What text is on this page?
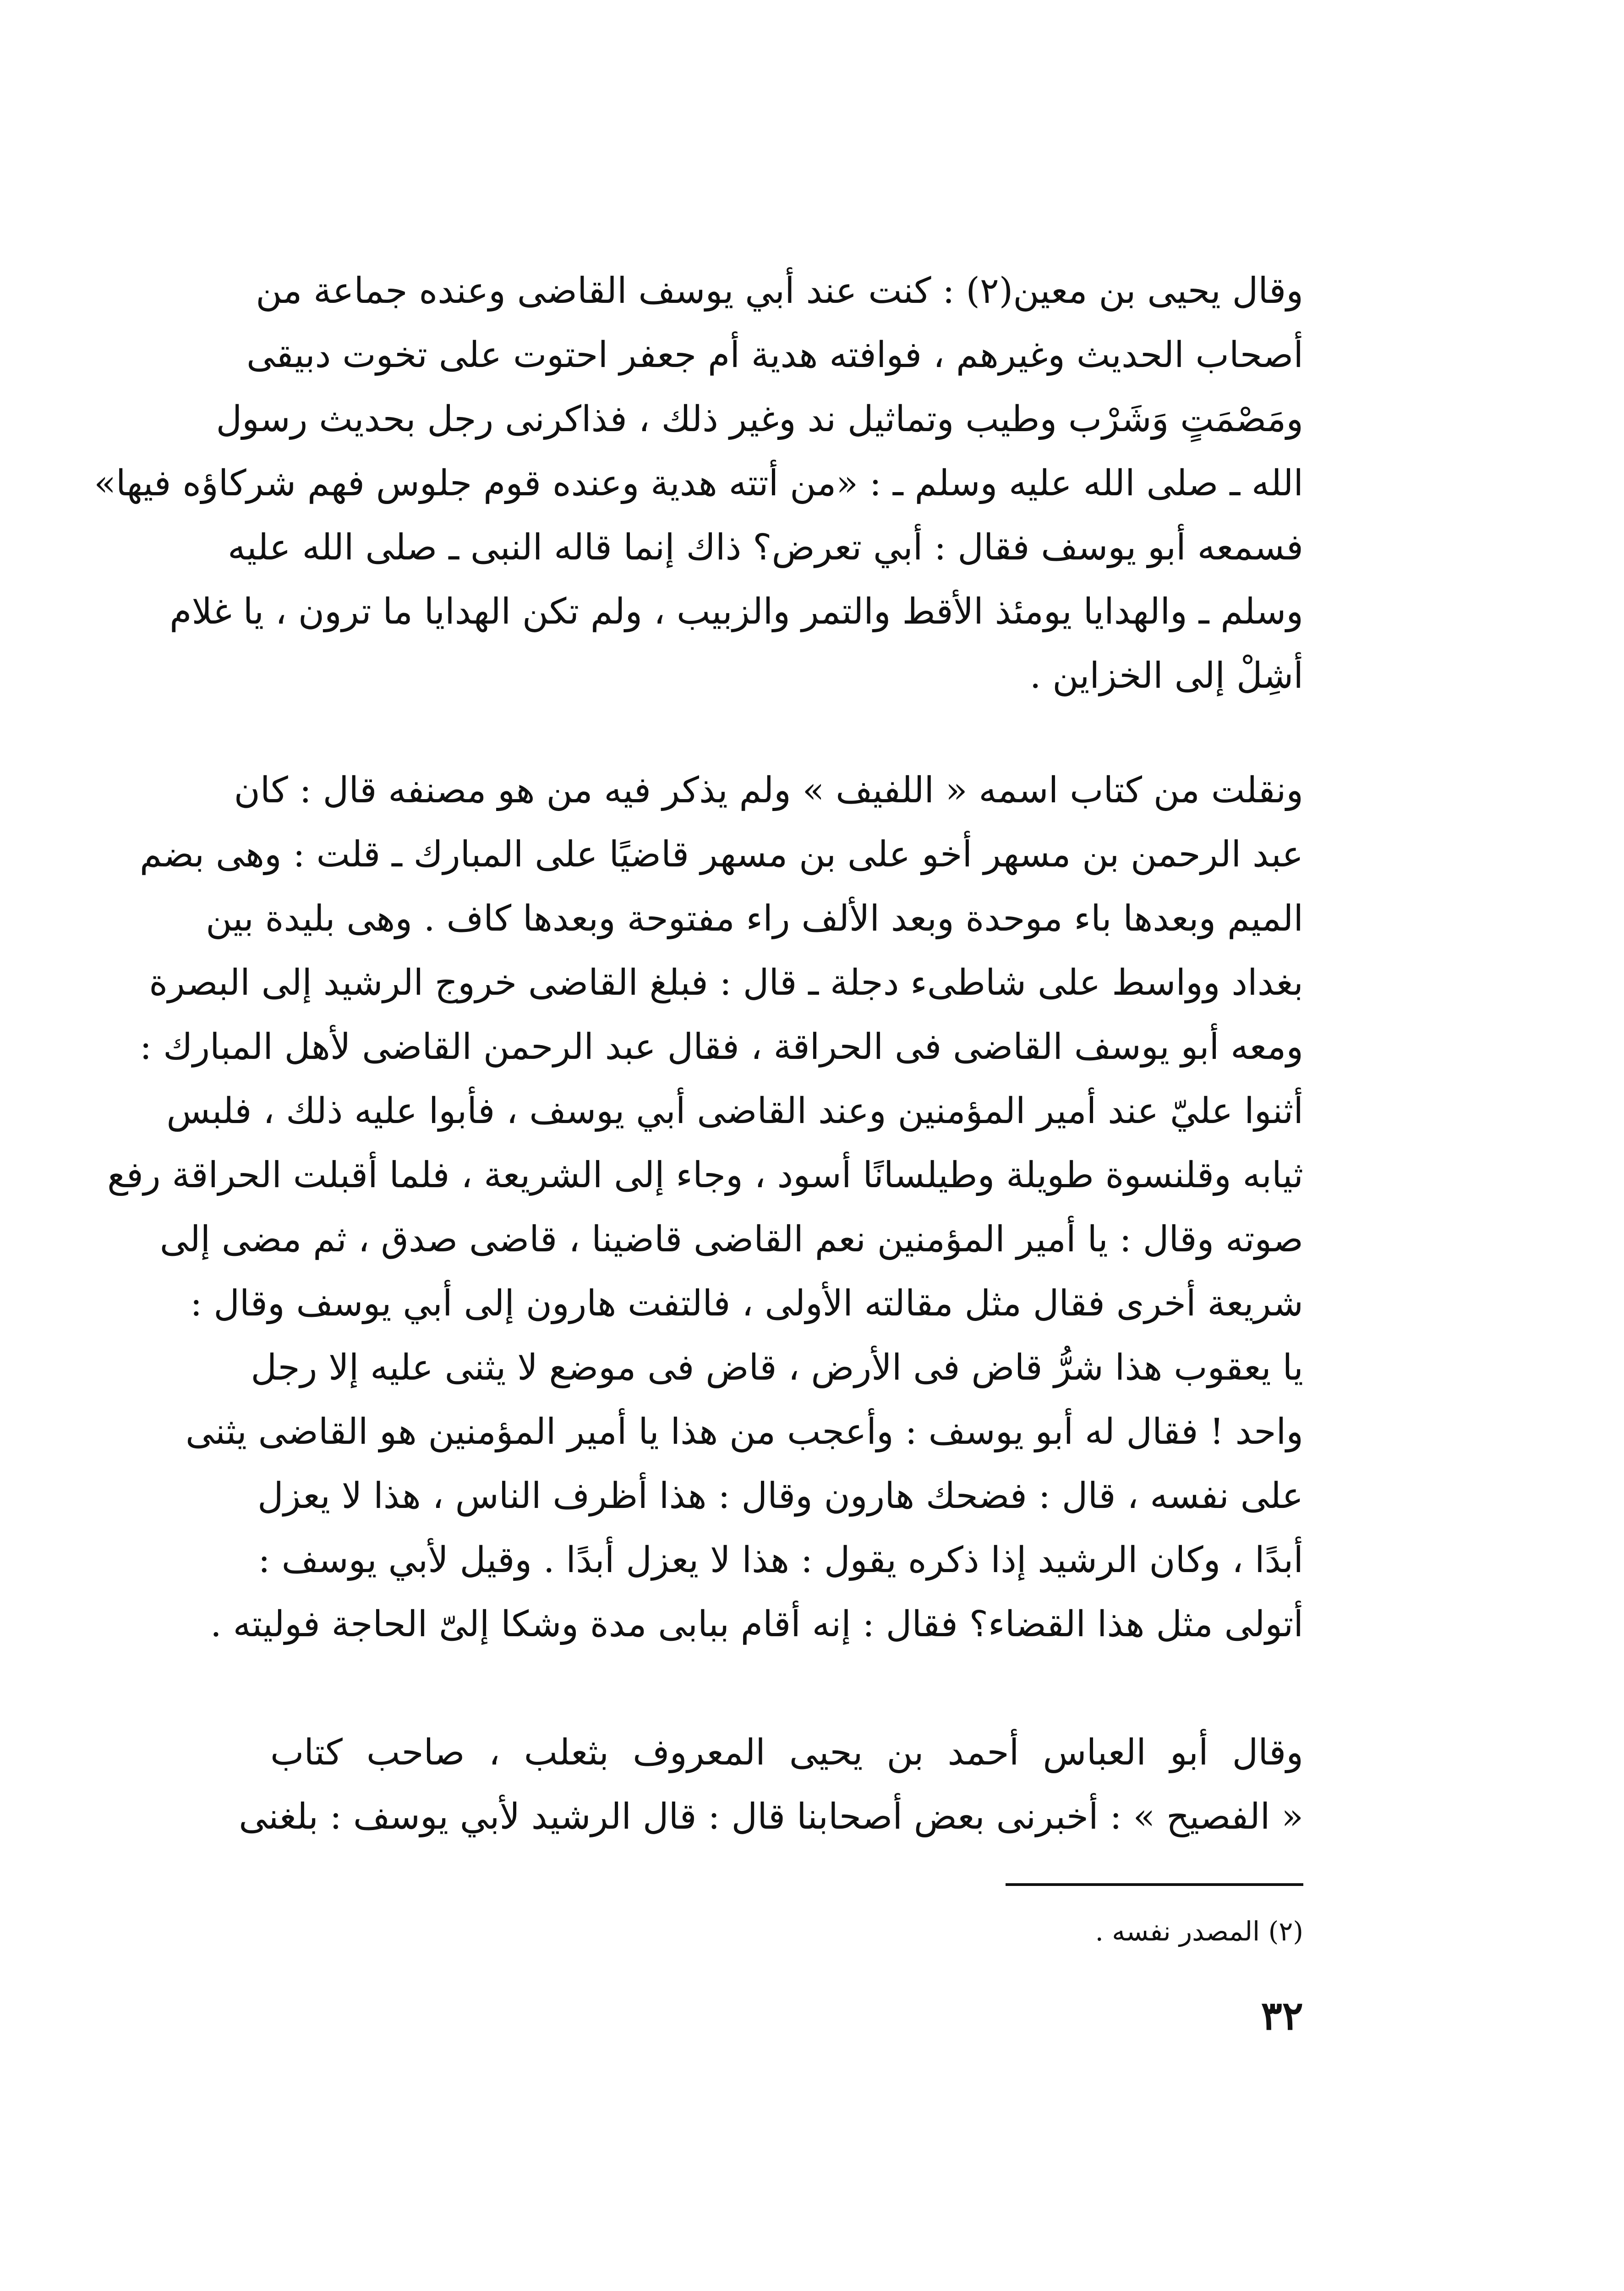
وقال يحيى بن معين(٢) : كنت عند أبي يوسف القاضى وعنده جماعة من
أصحاب الحديث وغيرهم ، فوافته هدية أم جعفر احتوت على تخوت دبيقى
ومَصْمَتٍ وَشَرْب وطيب وتماثيل ند وغير ذلك ، فذاكرنى رجل بحديث رسول
الله ـ صلى الله عليه وسلم ـ : «من أتته هدية وعنده قوم جلوس فهم شركاؤه فيها»
فسمعه أبو يوسف فقال : أبي تعرض؟ ذاك إنما قاله النبى ـ صلى الله عليه
وسلم ـ والهدايا يومئذ الأقط والتمر والزبيب ، ولم تكن الهدايا ما ترون ، يا غلام
أشِلْ إلى الخزاين .
ونقلت من كتاب اسمه « اللفيف » ولم يذكر فيه من هو مصنفه قال : كان
عبد الرحمن بن مسهر أخو على بن مسهر قاضيًا على المبارك ـ قلت : وهى بضم
الميم وبعدها باء موحدة وبعد الألف راء مفتوحة وبعدها كاف . وهى بليدة بين
بغداد وواسط على شاطىء دجلة ـ قال : فبلغ القاضى خروج الرشيد إلى البصرة
ومعه أبو يوسف القاضى فى الحراقة ، فقال عبد الرحمن القاضى لأهل المبارك :
أثنوا عليّ عند أمير المؤمنين وعند القاضى أبي يوسف ، فأبوا عليه ذلك ، فلبس
ثيابه وقلنسوة طويلة وطيلسانًا أسود ، وجاء إلى الشريعة ، فلما أقبلت الحراقة رفع
صوته وقال : يا أمير المؤمنين نعم القاضى قاضينا ، قاضى صدق ، ثم مضى إلى
شريعة أخرى فقال مثل مقالته الأولى ، فالتفت هارون إلى أبي يوسف وقال :
يا يعقوب هذا شرُّ قاض فى الأرض ، قاض فى موضع لا يثنى عليه إلا رجل
واحد ! فقال له أبو يوسف : وأعجب من هذا يا أمير المؤمنين هو القاضى يثنى
على نفسه ، قال : فضحك هارون وقال : هذا أظرف الناس ، هذا لا يعزل
أبدًا ، وكان الرشيد إذا ذكره يقول : هذا لا يعزل أبدًا . وقيل لأبي يوسف :
أتولى مثل هذا القضاء؟ فقال : إنه أقام ببابى مدة وشكا إلىّ الحاجة فوليته .
وقال أبو العباس أحمد بن يحيى المعروف بثعلب ، صاحب كتاب
« الفصيح » : أخبرنى بعض أصحابنا قال : قال الرشيد لأبي يوسف : بلغنى
(٢) المصدر نفسه .
٣٢
